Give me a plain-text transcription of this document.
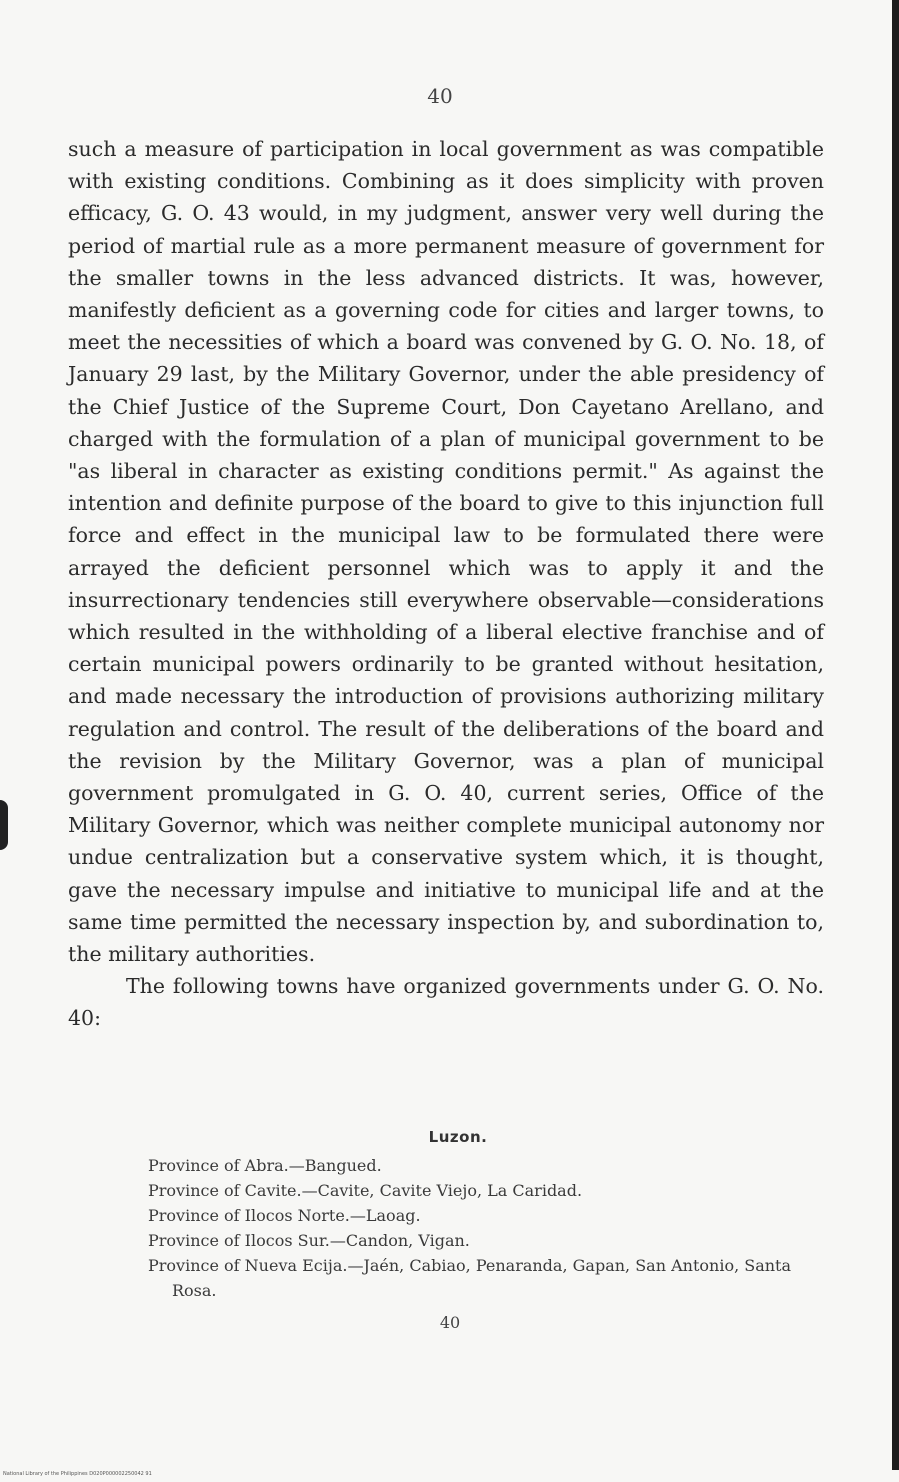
40

such a measure of participation in local government as was compatible with existing conditions. Combining as it does simplicity with proven efficacy, G. O. 43 would, in my judgment, answer very well during the period of martial rule as a more permanent measure of government for the smaller towns in the less advanced districts. It was, however, manifestly deficient as a governing code for cities and larger towns, to meet the necessities of which a board was convened by G. O. No. 18, of January 29 last, by the Military Governor, under the able presidency of the Chief Justice of the Supreme Court, Don Cayetano Arellano, and charged with the formulation of a plan of municipal government to be "as liberal in character as existing conditions permit." As against the intention and definite purpose of the board to give to this injunction full force and effect in the municipal law to be formulated there were arrayed the deficient personnel which was to apply it and the insurrectionary tendencies still everywhere observable—considerations which resulted in the withholding of a liberal elective franchise and of certain municipal powers ordinarily to be granted without hesitation, and made necessary the introduction of provisions authorizing military regulation and control. The result of the deliberations of the board and the revision by the Military Governor, was a plan of municipal government promulgated in G. O. 40, current series, Office of the Military Governor, which was neither complete municipal autonomy nor undue centralization but a conservative system which, it is thought, gave the necessary impulse and initiative to municipal life and at the same time permitted the necessary inspection by, and subordination to, the military authorities.

The following towns have organized governments under G. O. No. 40:

Luzon.
Province of Abra.—Bangued.
Province of Cavite.—Cavite, Cavite Viejo, La Caridad.
Province of Ilocos Norte.—Laoag.
Province of Ilocos Sur.—Candon, Vigan.
Province of Nueva Ecija.—Jaén, Cabiao, Penaranda, Gapan, San Antonio, Santa Rosa.
40
National Library of the Philippines D020P000002250042 91
